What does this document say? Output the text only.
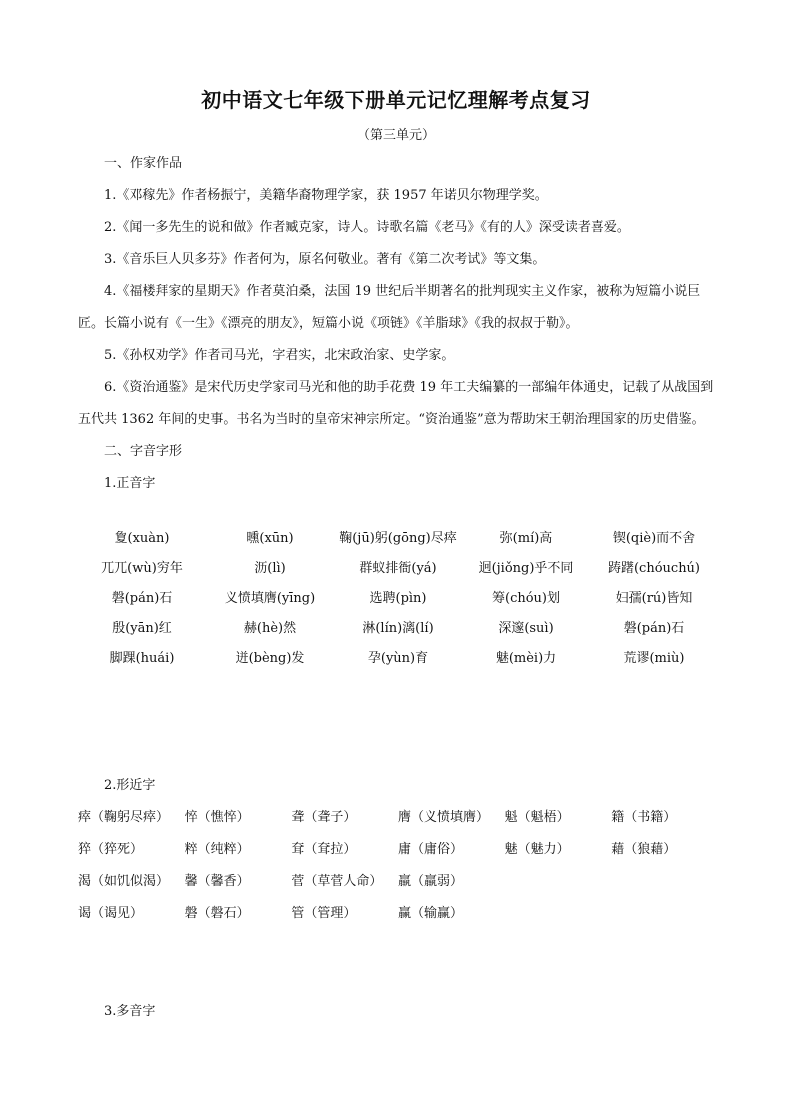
初中语文七年级下册单元记忆理解考点复习
（第三单元）
一、作家作品
1.《邓稼先》作者杨振宁，美籍华裔物理学家，获 1957 年诺贝尔物理学奖。
2.《闻一多先生的说和做》作者臧克家，诗人。诗歌名篇《老马》《有的人》深受读者喜爱。
3.《音乐巨人贝多芬》作者何为，原名何敬业。著有《第二次考试》等文集。
4.《福楼拜家的星期天》作者莫泊桑，法国 19 世纪后半期著名的批判现实主义作家，被称为短篇小说巨匠。长篇小说有《一生》《漂亮的朋友》，短篇小说《项链》《羊脂球》《我的叔叔于勒》。
5.《孙权劝学》作者司马光，字君实，北宋政治家、史学家。
6.《资治通鉴》是宋代历史学家司马光和他的助手花费 19 年工夫编纂的一部编年体通史，记载了从战国到五代共 1362 年间的史事。书名为当时的皇帝宋神宗所定。“资治通鉴”意为帮助宋王朝治理国家的历史借鉴。
二、字音字形
1.正音字
夐(xuàn)	曛(xūn)	鞠(jū)躬(gōng)尽瘁	弥(mí)高	锲(qiè)而不舍
兀兀(wù)穷年	沥(lì)	群蚁排衙(yá)	迥(jiǒng)乎不同	踌躇(chóuchú)
磐(pán)石	义愤填膺(yīng)	选聘(pìn)	筹(chóu)划	妇孺(rú)皆知
殷(yān)红	赫(hè)然	淋(lín)漓(lí)	深邃(suì)	磐(pán)石
脚踝(huái)	迸(bèng)发	孕(yùn)育	魅(mèi)力	荒谬(miù)
2.形近字
瘁（鞠躬尽瘁）	悴（憔悴）	聋（聋子）	膺（义愤填膺）	魁（魁梧）	籍（书籍）
猝（猝死）	粹（纯粹）	耷（耷拉）	庸（庸俗）	魅（魅力）	藉（狼藉）
渴（如饥似渴）	馨（馨香）	菅（草菅人命）	羸（羸弱）		
谒（谒见）	磐（磐石）	管（管理）	赢（输赢）		
3.多音字
